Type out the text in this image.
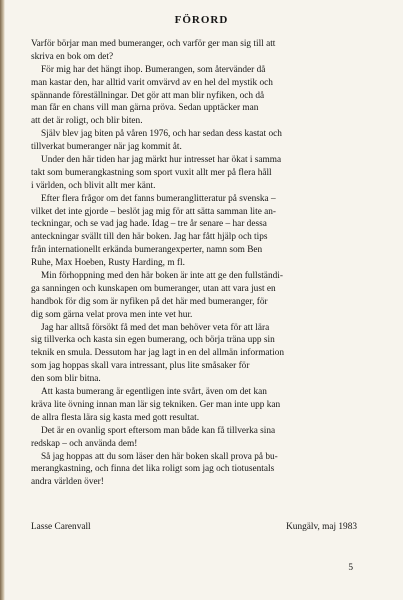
FÖRORD
Varför börjar man med bumeranger, och varför ger man sig till att
skriva en bok om det?
För mig har det hängt ihop. Bumerangen, som återvänder då
man kastar den, har alltid varit omvärvd av en hel del mystik och
spännande föreställningar. Det gör att man blir nyfiken, och då
man får en chans vill man gärna pröva. Sedan upptäcker man
att det är roligt, och blir biten.
Själv blev jag biten på våren 1976, och har sedan dess kastat och
tillverkat bumeranger när jag kommit åt.
Under den här tiden har jag märkt hur intresset har ökat i samma
takt som bumerangkastning som sport vuxit allt mer på flera håll
i världen, och blivit allt mer känt.
Efter flera frågor om det fanns bumeranglitteratur på svenska –
vilket det inte gjorde – beslöt jag mig för att sätta samman lite an-
teckningar, och se vad jag hade. Idag – tre år senare – har dessa
anteckningar svällt till den här boken. Jag har fått hjälp och tips
från internationellt erkända bumerangexperter, namn som Ben
Ruhe, Max Hoeben, Rusty Harding, m fl.
Min förhoppning med den här boken är inte att ge den fullständi-
ga sanningen och kunskapen om bumeranger, utan att vara just en
handbok för dig som är nyfiken på det här med bumeranger, för
dig som gärna velat prova men inte vet hur.
Jag har alltså försökt få med det man behöver veta för att lära
sig tillverka och kasta sin egen bumerang, och börja träna upp sin
teknik en smula. Dessutom har jag lagt in en del allmän information
som jag hoppas skall vara intressant, plus lite småsaker för
den som blir bitna.
Att kasta bumerang är egentligen inte svårt, även om det kan
kräva lite övning innan man lär sig tekniken. Ger man inte upp kan
de allra flesta lära sig kasta med gott resultat.
Det är en ovanlig sport eftersom man både kan få tillverka sina
redskap – och använda dem!
Så jag hoppas att du som läser den här boken skall prova på bu-
merangkastning, och finna det lika roligt som jag och tiotusentals
andra världen över!
Lasse Carenvall	Kungälv, maj 1983
5
